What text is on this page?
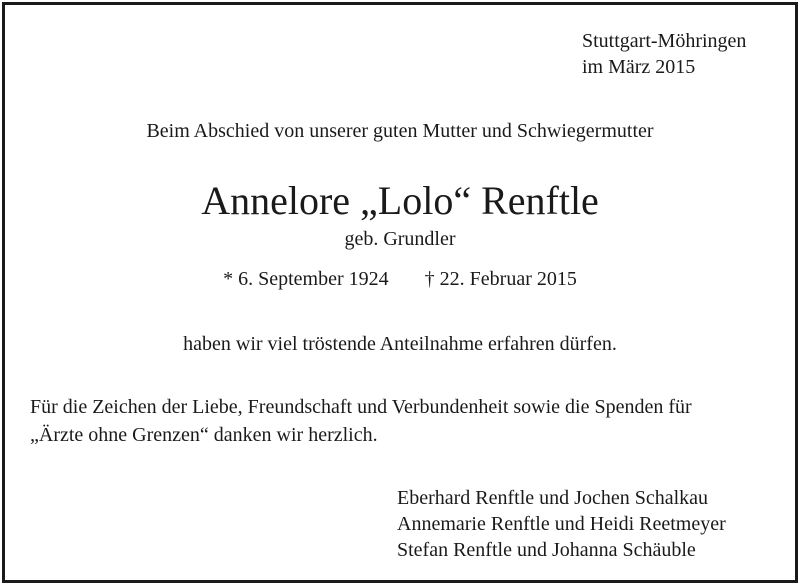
Stuttgart-Möhringen
im März 2015
Beim Abschied von unserer guten Mutter und Schwiegermutter
Annelore „Lolo“ Renftle
geb. Grundler
* 6. September 1924 † 22. Februar 2015
haben wir viel tröstende Anteilnahme erfahren dürfen.
Für die Zeichen der Liebe, Freundschaft und Verbundenheit sowie die Spenden für
„Ärzte ohne Grenzen“ danken wir herzlich.
Eberhard Renftle und Jochen Schalkau
Annemarie Renftle und Heidi Reetmeyer
Stefan Renftle und Johanna Schäuble
